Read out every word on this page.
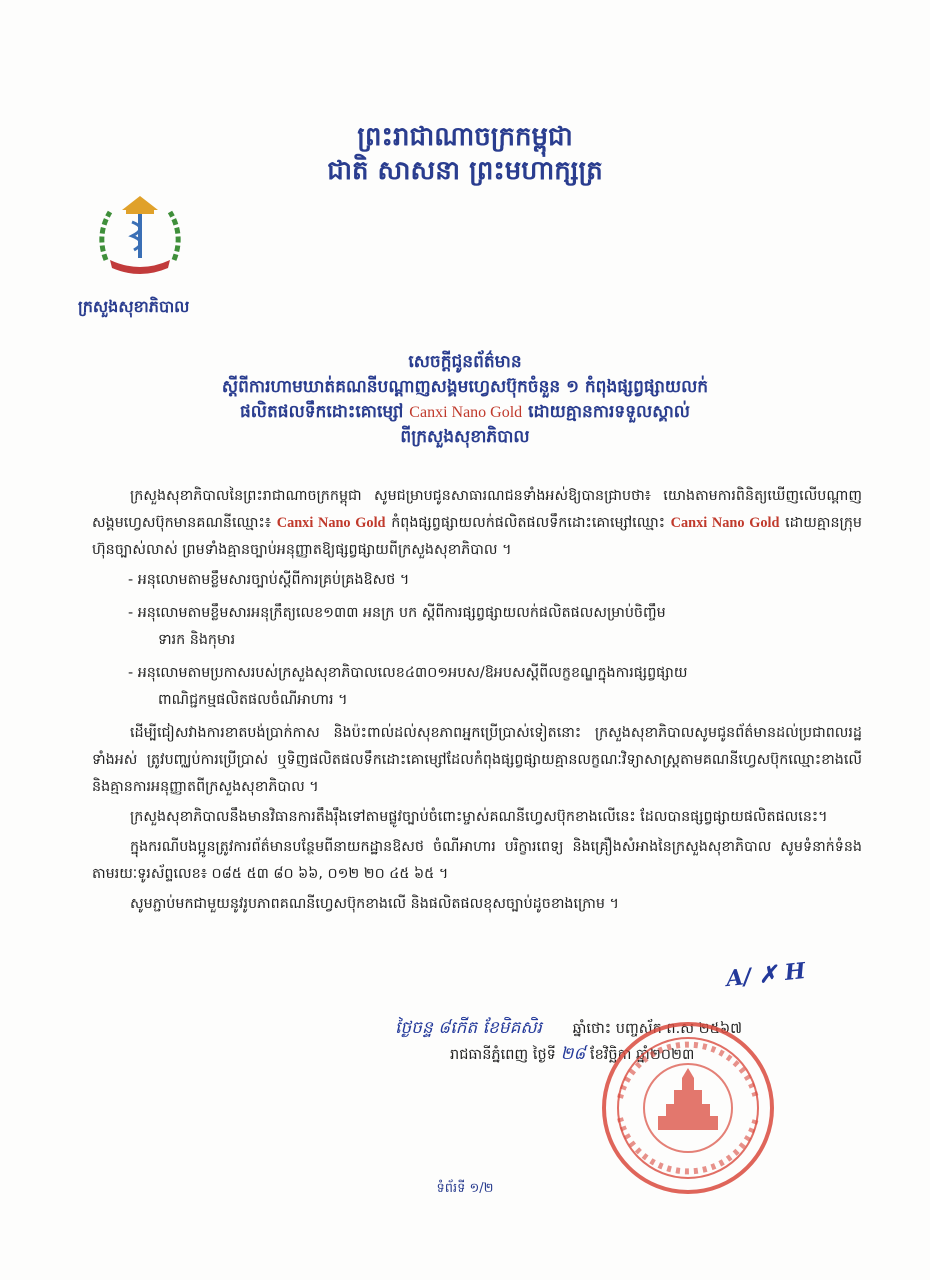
ព្រះរាជាណាចក្រកម្ពុជា
ជាតិ សាសនា ព្រះមហាក្សត្រ
ក្រសួងសុខាភិបាល
សេចក្ដីជូនព័ត៌មាន
ស្ដីពីការហាមឃាត់គណនីបណ្ដាញសង្គមហ្វេសប៊ុកចំនួន ១ កំពុងផ្សព្វផ្សាយលក់
ផលិតផលទឹកដោះគោម្សៅ Canxi Nano Gold ដោយគ្មានការទទួលស្គាល់
ពីក្រសួងសុខាភិបាល

ក្រសួងសុខាភិបាលនៃព្រះរាជាណាចក្រកម្ពុជា សូមជម្រាបជូនសាធារណជនទាំងអស់ឱ្យបានជ្រាបថា៖ យោងតាមការពិនិត្យឃើញលើបណ្ដាញសង្គមហ្វេសប៊ុកមានគណនីឈ្មោះ៖ Canxi Nano Gold កំពុងផ្សព្វផ្សាយលក់ផលិតផលទឹកដោះគោម្សៅឈ្មោះ Canxi Nano Gold ដោយគ្មានក្រុមហ៊ុនច្បាស់លាស់ ព្រមទាំងគ្មានច្បាប់អនុញ្ញាតឱ្យផ្សព្វផ្សាយពីក្រសួងសុខាភិបាល ។

- អនុលោមតាមខ្លឹមសារច្បាប់ស្ដីពីការគ្រប់គ្រងឱសថ ។
- អនុលោមតាមខ្លឹមសារអនុក្រឹត្យលេខ១៣៣ អនក្រ បក ស្ដីពីការផ្សព្វផ្សាយលក់ផលិតផលសម្រាប់ចិញ្ចឹម
ទារក និងកុមារ
- អនុលោមតាមប្រកាសរបស់ក្រសួងសុខាភិបាលលេខ៤៣០១អបស/ឱអបសស្ដីពីលក្ខខណ្ឌក្នុងការផ្សព្វផ្សាយ
ពាណិជ្ជកម្មផលិតផលចំណីអាហារ ។

ដើម្បីជៀសវាងការខាតបង់ប្រាក់កាស និងប៉ះពាល់ដល់សុខភាពអ្នកប្រើប្រាស់ទៀតនោះ ក្រសួងសុខាភិបាលសូមជូនព័ត៌មានដល់ប្រជាពលរដ្ឋទាំងអស់ ត្រូវបញ្ឈប់ការប្រើប្រាស់ ឬទិញផលិតផលទឹកដោះគោម្សៅដែលកំពុងផ្សព្វផ្សាយគ្មានលក្ខណៈវិទ្យាសាស្ត្រតាមគណនីហ្វេសប៊ុកឈ្មោះខាងលើ និងគ្មានការអនុញ្ញាតពីក្រសួងសុខាភិបាល ។

ក្រសួងសុខាភិបាលនឹងមានវិធានការតឹងរ៉ឹងទៅតាមផ្លូវច្បាប់ចំពោះម្ចាស់គណនីហ្វេសប៊ុកខាងលើនេះ ដែលបានផ្សព្វផ្សាយផលិតផលនេះ។

ក្នុងករណីបងប្អូនត្រូវការព័ត៌មានបន្ថែមពីនាយកដ្ឋានឱសថ ចំណីអាហារ បរិក្ខារពេទ្យ និងគ្រឿងសំអាងនៃក្រសួងសុខាភិបាល សូមទំនាក់ទំនងតាមរយៈទូរស័ព្ទលេខ៖ ០៨៥ ៥៣ ៨០ ៦៦, ០១២ ២០ ៤៥ ៦៥ ។

សូមភ្ជាប់មកជាមួយនូវរូបភាពគណនីហ្វេសប៊ុកខាងលើ និងផលិតផលខុសច្បាប់ដូចខាងក្រោម ។

A/ ✗ H
ថ្ងៃចន្ទ ៨កើត ខែមិគសិរ ឆ្នាំថោះ បញ្ចស័ក ព.ស ២៥៦៧
រាជធានីភ្នំពេញ ថ្ងៃទី ២៨ ខែវិច្ឆិកា ឆ្នាំ២០២៣
ទំព័រទី ១/២
